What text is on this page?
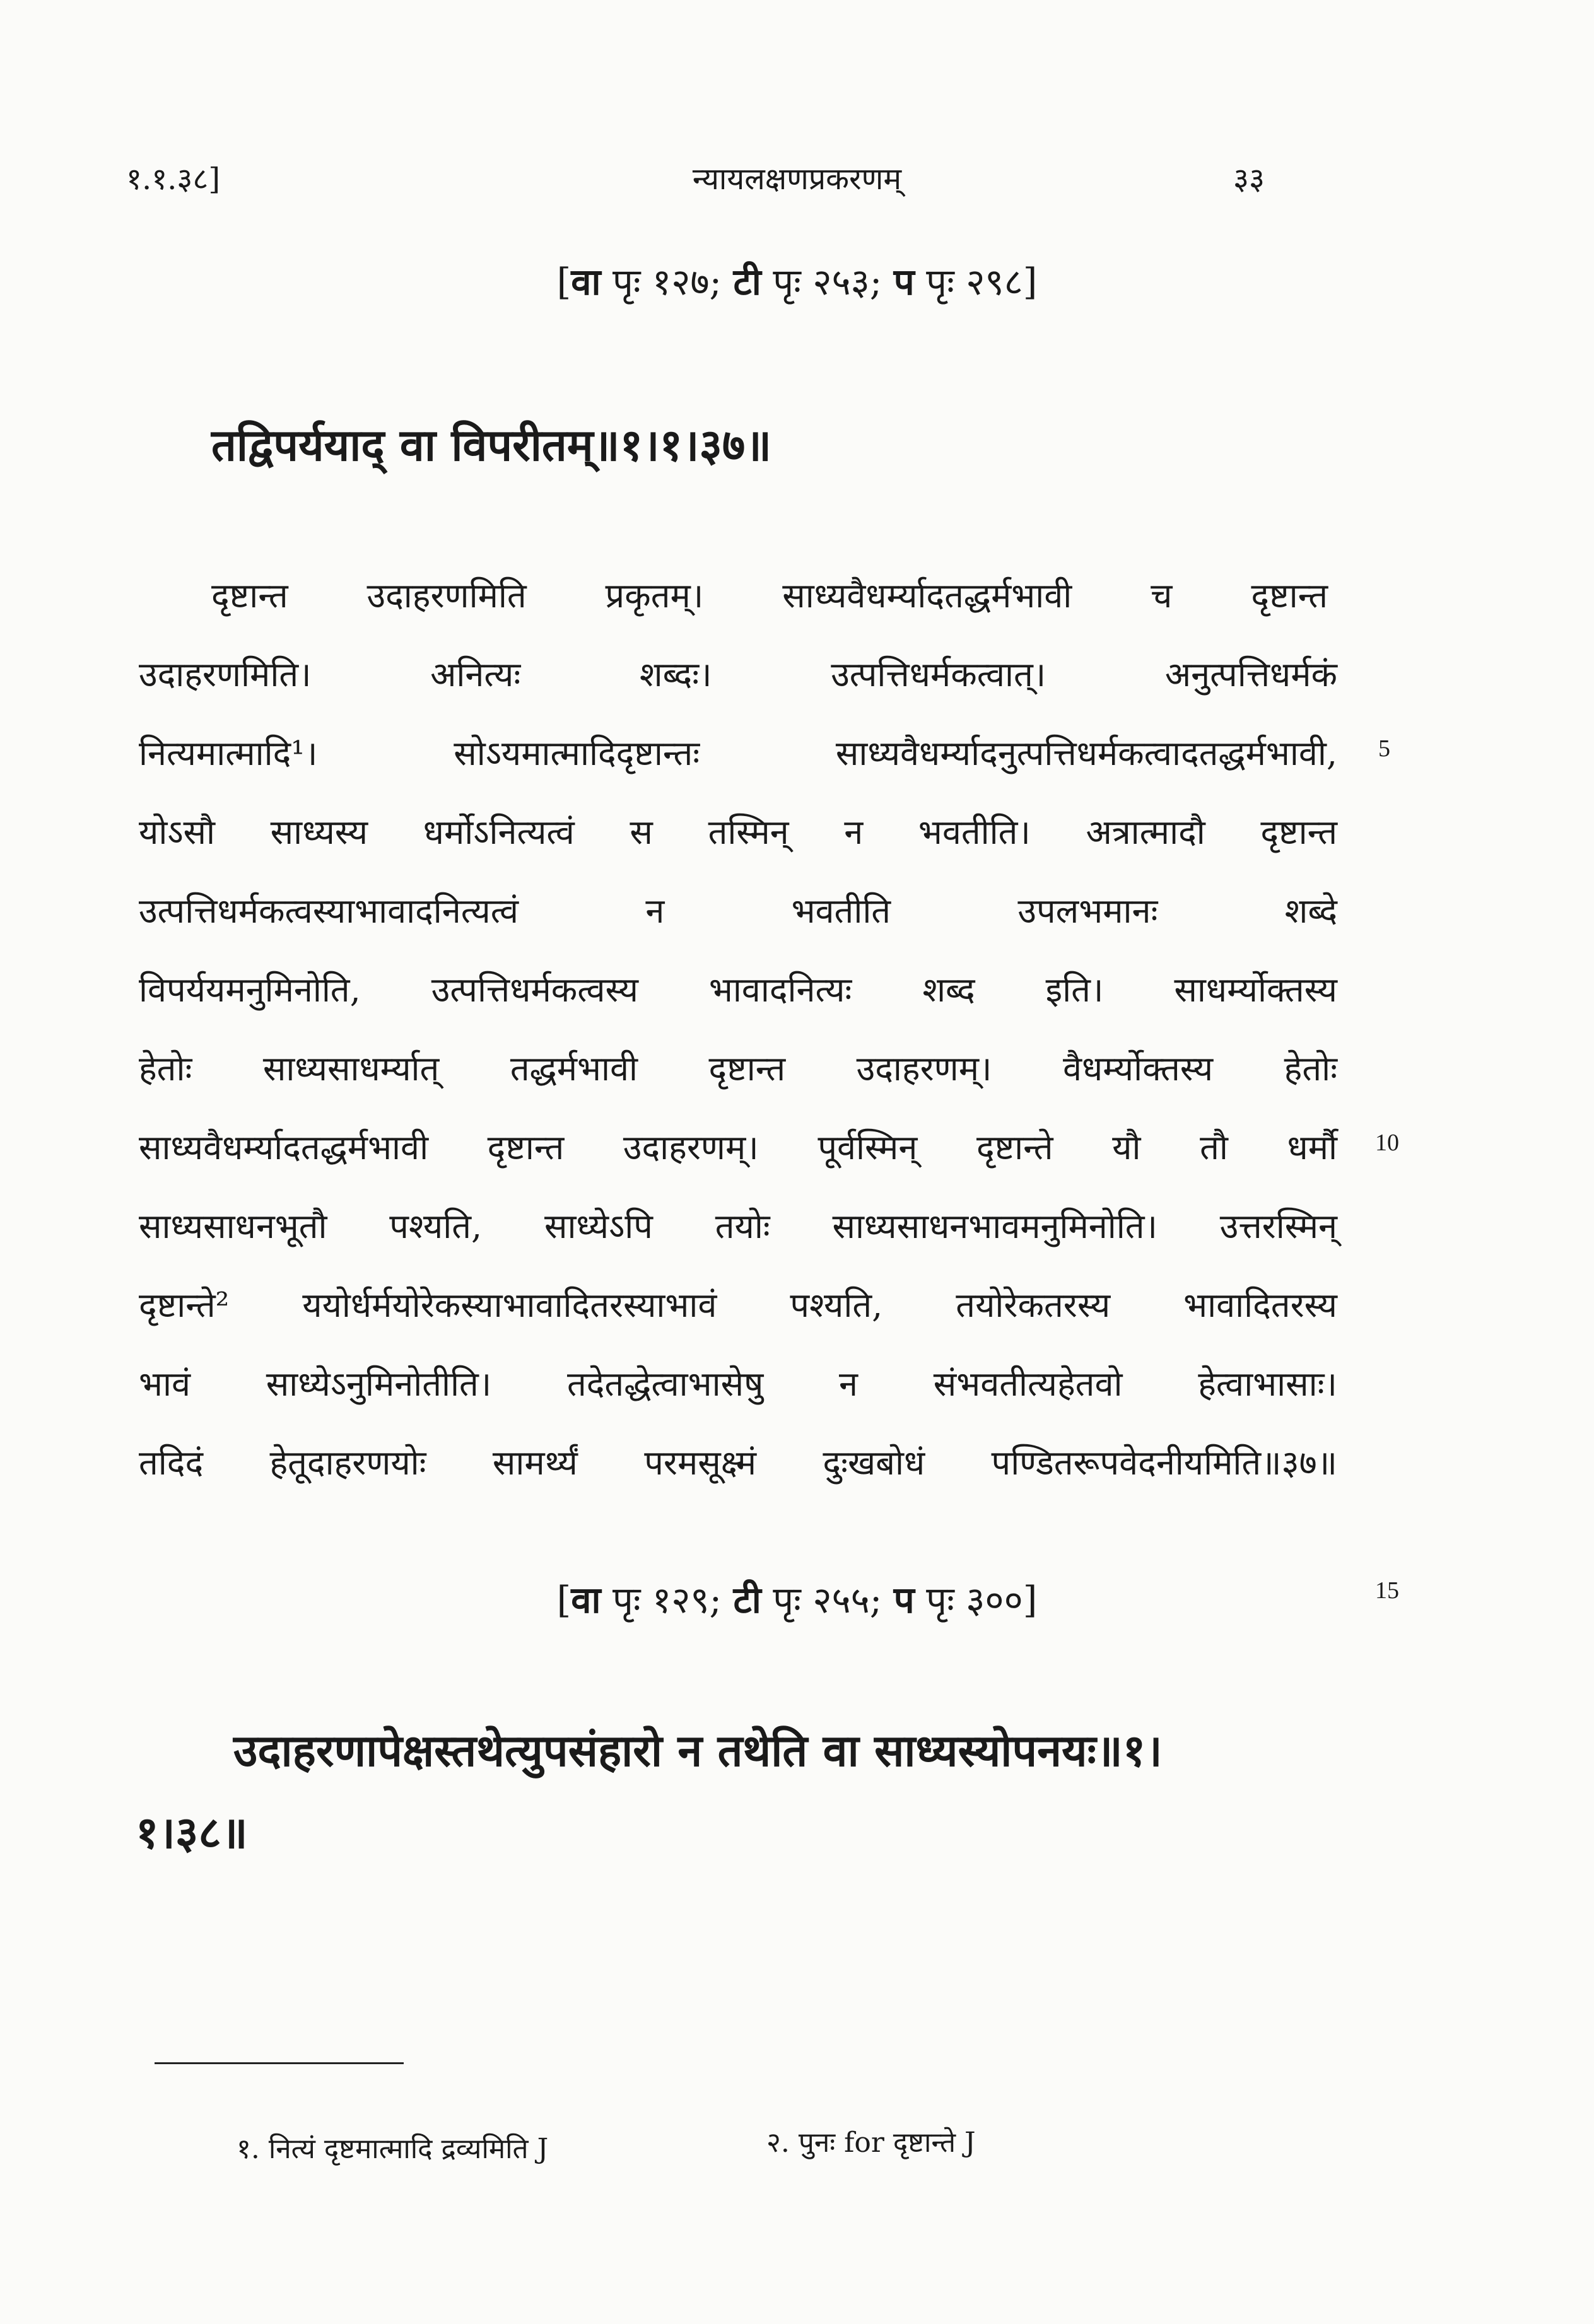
१.१.३८]	न्यायलक्षणप्रकरणम्	३३
[वा पृः १२७; टी पृः २५३; प पृः २९८]
तद्विपर्ययाद् वा विपरीतम्॥१।१।३७॥
दृष्टान्त उदाहरणमिति प्रकृतम्। साध्यवैधर्म्यादतद्धर्मभावी च दृष्टान्त
उदाहरणमिति। अनित्यः शब्दः। उत्पत्तिधर्मकत्वात्। अनुत्पत्तिधर्मकं
नित्यमात्मादि¹। सोऽयमात्मादिदृष्टान्तः साध्यवैधर्म्यादनुत्पत्तिधर्मकत्वादतद्धर्मभावी,
योऽसौ साध्यस्य धर्मोऽनित्यत्वं स तस्मिन् न भवतीति। अत्रात्मादौ दृष्टान्त
उत्पत्तिधर्मकत्वस्याभावादनित्यत्वं न भवतीति उपलभमानः शब्दे
विपर्ययमनुमिनोति, उत्पत्तिधर्मकत्वस्य भावादनित्यः शब्द इति। साधर्म्योक्तस्य
हेतोः साध्यसाधर्म्यात् तद्धर्मभावी दृष्टान्त उदाहरणम्। वैधर्म्योक्तस्य हेतोः
साध्यवैधर्म्यादतद्धर्मभावी दृष्टान्त उदाहरणम्। पूर्वस्मिन् दृष्टान्ते यौ तौ धर्मौ
साध्यसाधनभूतौ पश्यति, साध्येऽपि तयोः साध्यसाधनभावमनुमिनोति। उत्तरस्मिन्
दृष्टान्ते² ययोर्धर्मयोरेकस्याभावादितरस्याभावं पश्यति, तयोरेकतरस्य भावादितरस्य
भावं साध्येऽनुमिनोतीति। तदेतद्धेत्वाभासेषु न संभवतीत्यहेतवो हेत्वाभासाः।
तदिदं हेतूदाहरणयोः सामर्थ्यं परमसूक्ष्मं दुःखबोधं पण्डितरूपवेदनीयमिति॥३७॥
5
10
15
[वा पृः १२९; टी पृः २५५; प पृः ३००]
उदाहरणापेक्षस्तथेत्युपसंहारो न तथेति वा साध्यस्योपनयः॥१।
१।३८॥
१. नित्यं दृष्टमात्मादि द्रव्यमिति J	२. पुनः for दृष्टान्ते J
